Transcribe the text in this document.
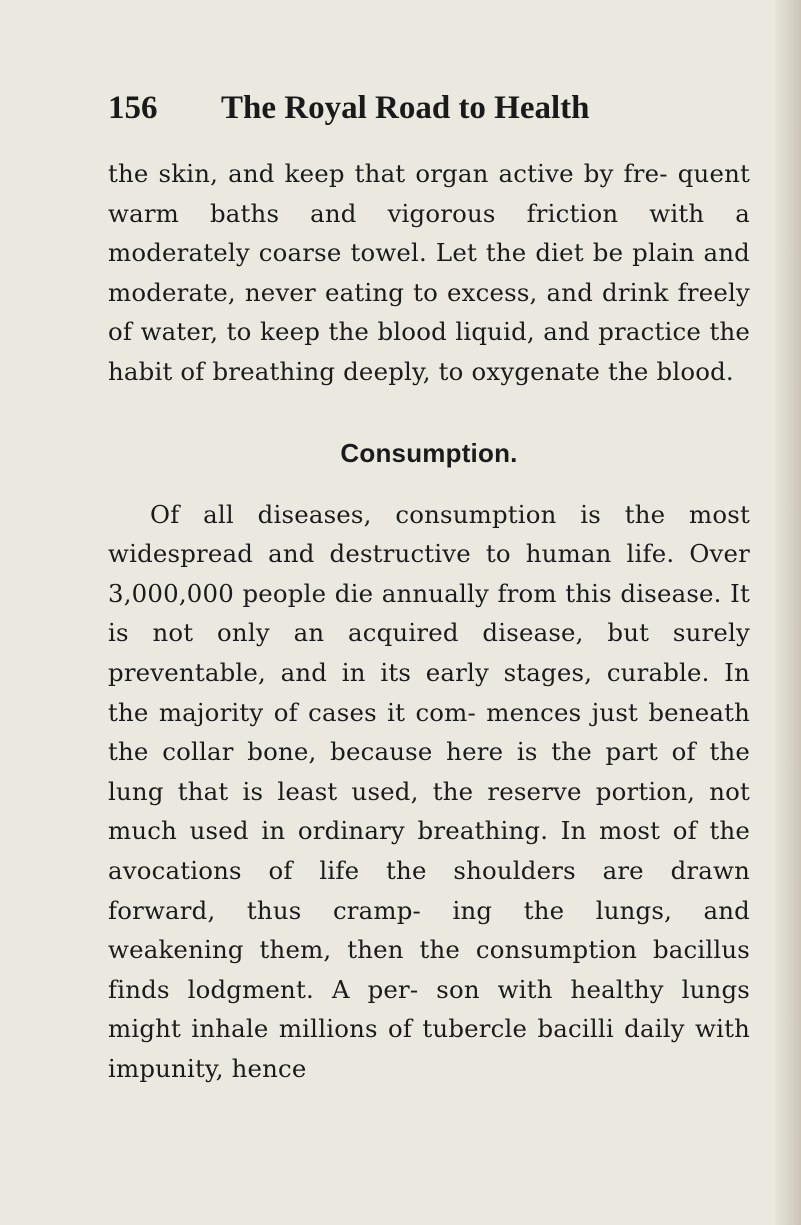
156 The Royal Road to Health

the skin, and keep that organ active by fre- quent warm baths and vigorous friction with a moderately coarse towel. Let the diet be plain and moderate, never eating to excess, and drink freely of water, to keep the blood liquid, and practice the habit of breathing deeply, to oxygenate the blood.

Consumption.

Of all diseases, consumption is the most widespread and destructive to human life. Over 3,000,000 people die annually from this disease. It is not only an acquired disease, but surely preventable, and in its early stages, curable. In the majority of cases it com- mences just beneath the collar bone, because here is the part of the lung that is least used, the reserve portion, not much used in ordinary breathing. In most of the avocations of life the shoulders are drawn forward, thus cramp- ing the lungs, and weakening them, then the consumption bacillus finds lodgment. A per- son with healthy lungs might inhale millions of tubercle bacilli daily with impunity, hence
